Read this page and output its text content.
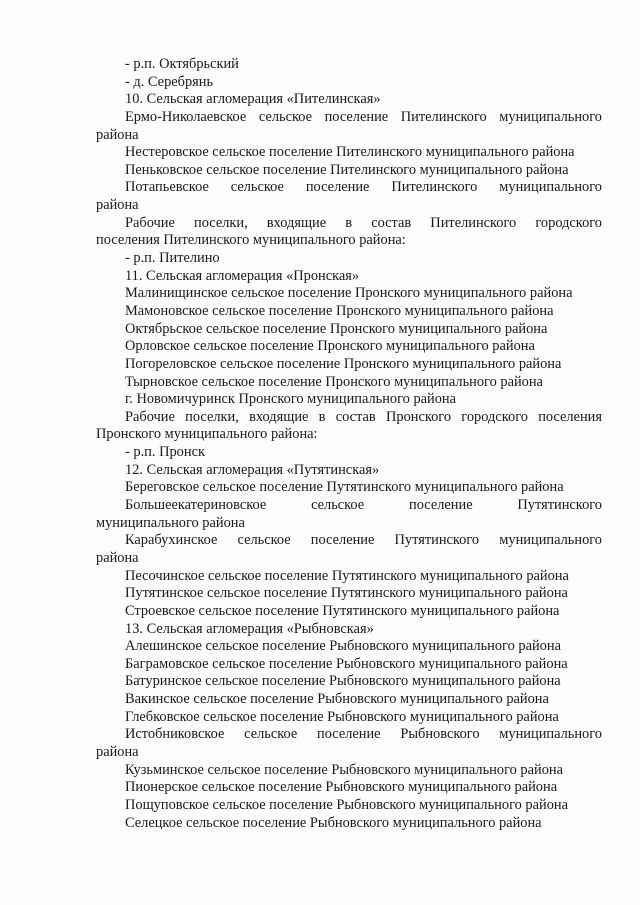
- р.п. Октябрьский
- д. Серебрянь
10. Сельская агломерация «Пителинская»
Ермо-Николаевское сельское поселение Пителинского муниципального
района
Нестеровское сельское поселение Пителинского муниципального района
Пеньковское сельское поселение Пителинского муниципального района
Потапьевское сельское поселение Пителинского муниципального
района
Рабочие поселки, входящие в состав Пителинского городского
поселения Пителинского муниципального района:
- р.п. Пителино
11. Сельская агломерация «Пронская»
Малинищинское сельское поселение Пронского муниципального района
Мамоновское сельское поселение Пронского муниципального района
Октябрьское сельское поселение Пронского муниципального района
Орловское сельское поселение Пронского муниципального района
Погореловское сельское поселение Пронского муниципального района
Тырновское сельское поселение Пронского муниципального района
г. Новомичуринск Пронского муниципального района
Рабочие поселки, входящие в состав Пронского городского поселения
Пронского муниципального района:
- р.п. Пронск
12. Сельская агломерация «Путятинская»
Береговское сельское поселение Путятинского муниципального района
Большеекатериновское сельское поселение Путятинского
муниципального района
Карабухинское сельское поселение Путятинского муниципального
района
Песочинское сельское поселение Путятинского муниципального района
Путятинское сельское поселение Путятинского муниципального района
Строевское сельское поселение Путятинского муниципального района
13. Сельская агломерация «Рыбновская»
Алешинское сельское поселение Рыбновского муниципального района
Баграмовское сельское поселение Рыбновского муниципального района
Батуринское сельское поселение Рыбновского муниципального района
Вакинское сельское поселение Рыбновского муниципального района
Глебковское сельское поселение Рыбновского муниципального района
Истобниковское сельское поселение Рыбновского муниципального
района
Кузьминское сельское поселение Рыбновского муниципального района
Пионерское сельское поселение Рыбновского муниципального района
Пощуповское сельское поселение Рыбновского муниципального района
Селецкое сельское поселение Рыбновского муниципального района
